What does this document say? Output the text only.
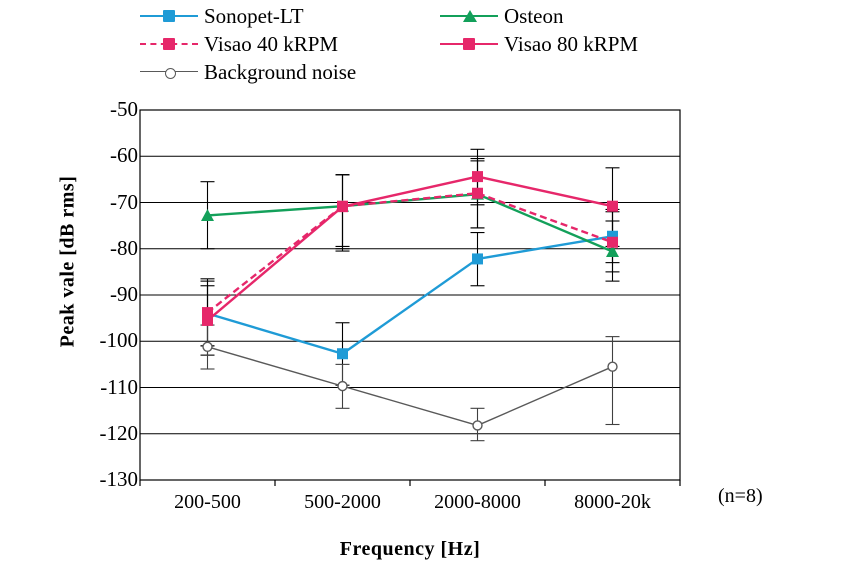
Sonopet-LT	Osteon
Visao 40 kRPM	Visao 80 kRPM
Background noise
Peak vale [dB rms]
-50
-60
-70
-80
-90
-100
-110
-120
-130
200-500	500-2000	2000-8000	8000-20k
Frequency [Hz]
(n=8)
